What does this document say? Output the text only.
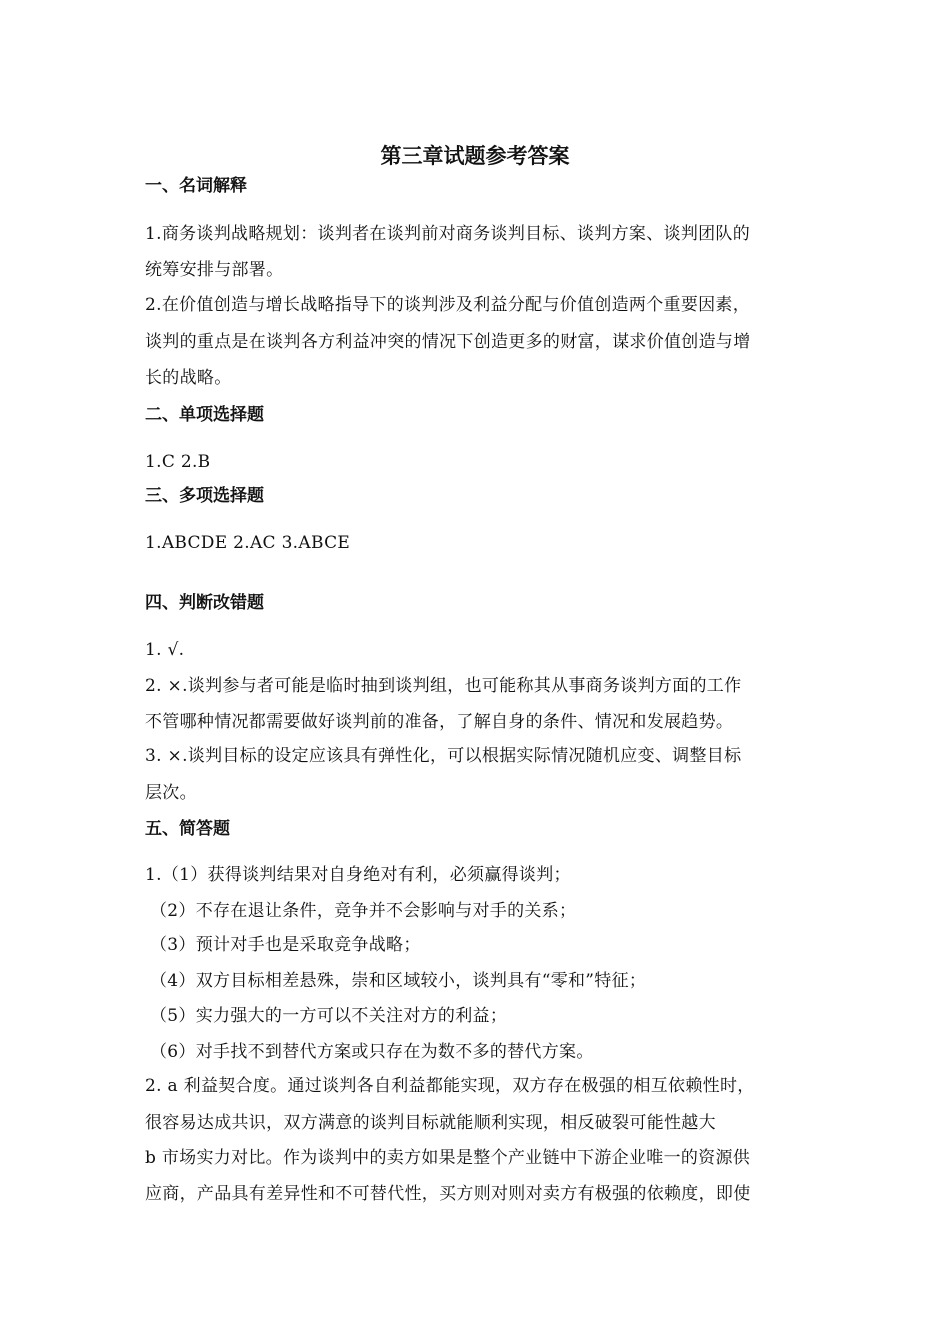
第三章试题参考答案
一、名词解释
1.商务谈判战略规划：谈判者在谈判前对商务谈判目标、谈判方案、谈判团队的
统筹安排与部署。
2.在价值创造与增长战略指导下的谈判涉及利益分配与价值创造两个重要因素，
谈判的重点是在谈判各方利益冲突的情况下创造更多的财富，谋求价值创造与增
长的战略。
二、单项选择题
1.C 2.B
三、多项选择题
1.ABCDE 2.AC 3.ABCE
四、判断改错题
1. √.
2. ×.谈判参与者可能是临时抽到谈判组，也可能称其从事商务谈判方面的工作
不管哪种情况都需要做好谈判前的准备，了解自身的条件、情况和发展趋势。
3. ×.谈判目标的设定应该具有弹性化，可以根据实际情况随机应变、调整目标
层次。
五、简答题
1.（1）获得谈判结果对自身绝对有利，必须赢得谈判；
（2）不存在退让条件，竞争并不会影响与对手的关系；
（3）预计对手也是采取竞争战略；
（4）双方目标相差悬殊，崇和区域较小，谈判具有“零和”特征；
（5）实力强大的一方可以不关注对方的利益；
（6）对手找不到替代方案或只存在为数不多的替代方案。
2. a 利益契合度。通过谈判各自利益都能实现，双方存在极强的相互依赖性时，
很容易达成共识，双方满意的谈判目标就能顺利实现，相反破裂可能性越大
b 市场实力对比。作为谈判中的卖方如果是整个产业链中下游企业唯一的资源供
应商，产品具有差异性和不可替代性，买方则对则对卖方有极强的依赖度，即使
